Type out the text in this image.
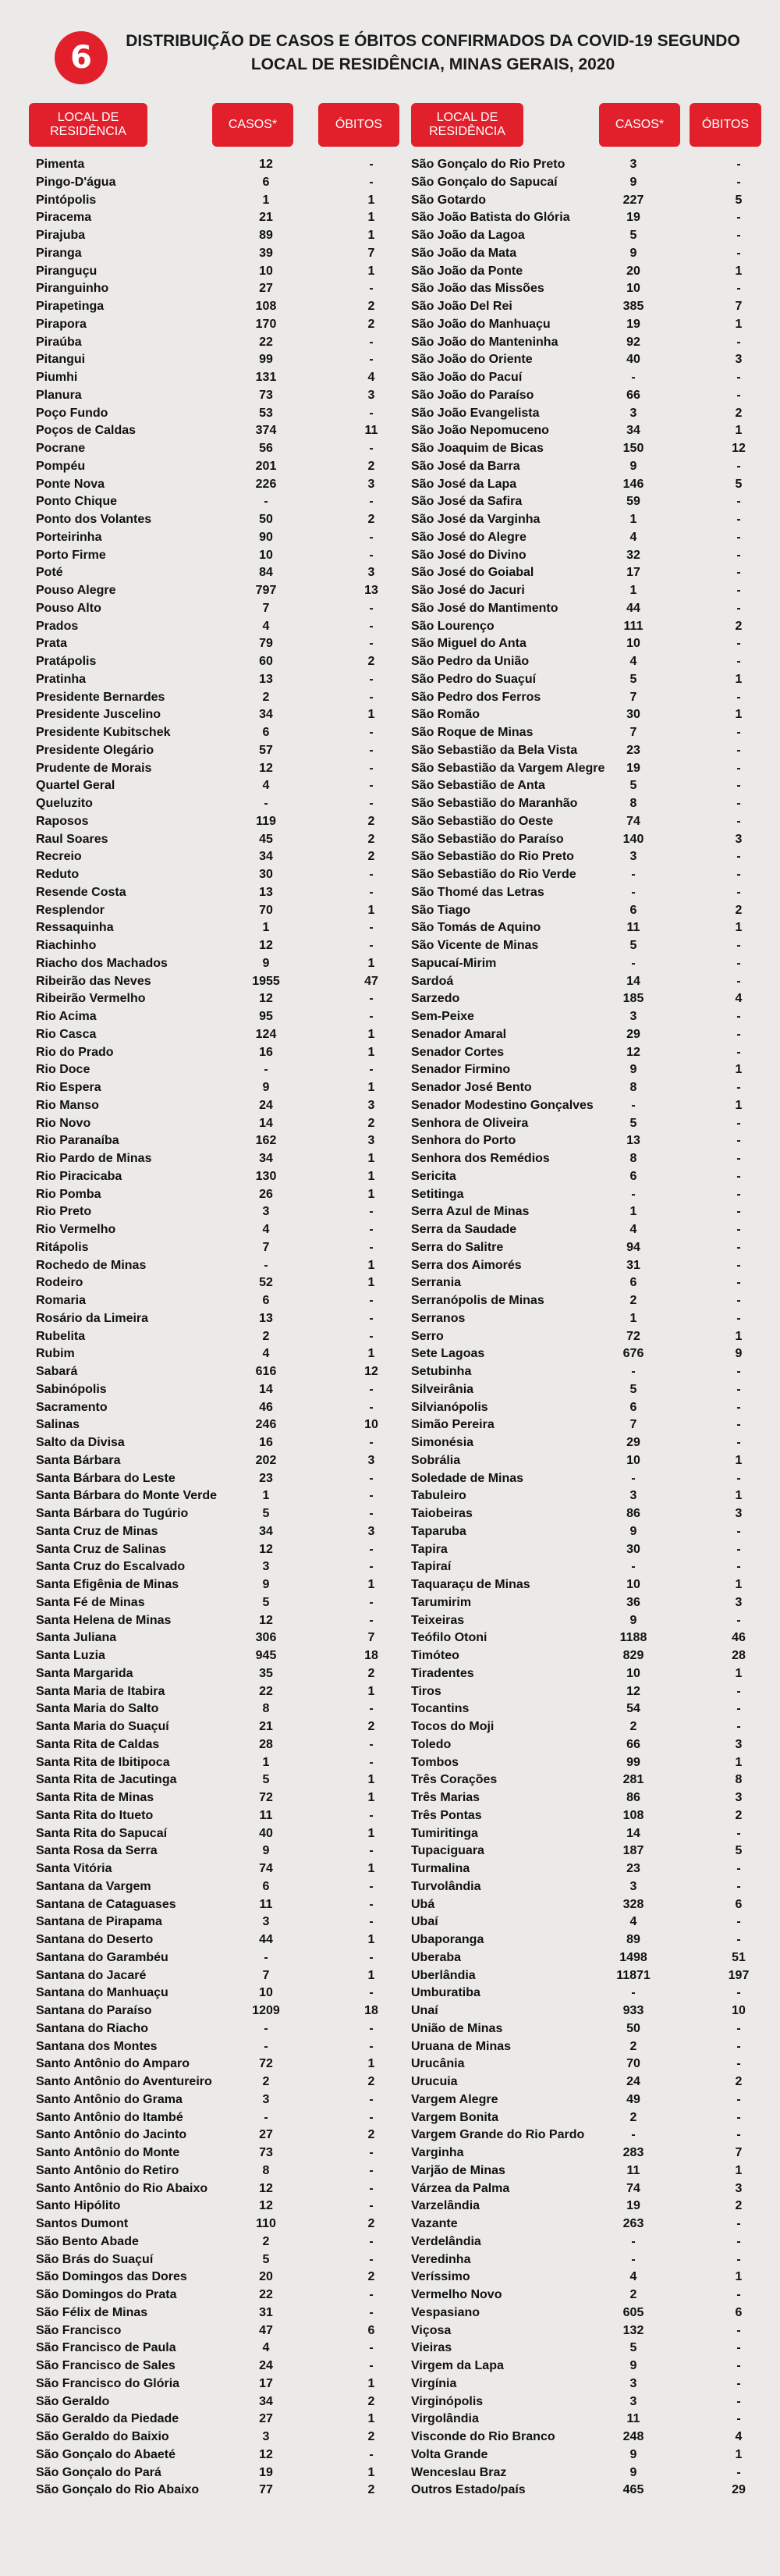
6	DISTRIBUIÇÃO DE CASOS E ÓBITOS CONFIRMADOS DA COVID-19 SEGUNDO LOCAL DE RESIDÊNCIA, MINAS GERAIS, 2020
LOCAL DE RESIDÊNCIA
CASOS*	ÓBITOS
LOCAL DE RESIDÊNCIA
CASOS*	ÓBITOS
Pimenta	12	-
Pingo-D'água	6	-
Pintópolis	1	1
Piracema	21	1
Pirajuba	89	1
Piranga	39	7
Piranguçu	10	1
Piranguinho	27	-
Pirapetinga	108	2
Pirapora	170	2
Piraúba	22	-
Pitangui	99	-
Piumhi	131	4
Planura	73	3
Poço Fundo	53	-
Poços de Caldas	374	11
Pocrane	56	-
Pompéu	201	2
Ponte Nova	226	3
Ponto Chique	-	-
Ponto dos Volantes	50	2
Porteirinha	90	-
Porto Firme	10	-
Poté	84	3
Pouso Alegre	797	13
Pouso Alto	7	-
Prados	4	-
Prata	79	-
Pratápolis	60	2
Pratinha	13	-
Presidente Bernardes	2	-
Presidente Juscelino	34	1
Presidente Kubitschek	6	-
Presidente Olegário	57	-
Prudente de Morais	12	-
Quartel Geral	4	-
Queluzito	-	-
Raposos	119	2
Raul Soares	45	2
Recreio	34	2
Reduto	30	-
Resende Costa	13	-
Resplendor	70	1
Ressaquinha	1	-
Riachinho	12	-
Riacho dos Machados	9	1
Ribeirão das Neves	1955	47
Ribeirão Vermelho	12	-
Rio Acima	95	-
Rio Casca	124	1
Rio do Prado	16	1
Rio Doce	-	-
Rio Espera	9	1
Rio Manso	24	3
Rio Novo	14	2
Rio Paranaíba	162	3
Rio Pardo de Minas	34	1
Rio Piracicaba	130	1
Rio Pomba	26	1
Rio Preto	3	-
Rio Vermelho	4	-
Ritápolis	7	-
Rochedo de Minas	-	1
Rodeiro	52	1
Romaria	6	-
Rosário da Limeira	13	-
Rubelita	2	-
Rubim	4	1
Sabará	616	12
Sabinópolis	14	-
Sacramento	46	-
Salinas	246	10
Salto da Divisa	16	-
Santa Bárbara	202	3
Santa Bárbara do Leste	23	-
Santa Bárbara do Monte Verde	1	-
Santa Bárbara do Tugúrio	5	-
Santa Cruz de Minas	34	3
Santa Cruz de Salinas	12	-
Santa Cruz do Escalvado	3	-
Santa Efigênia de Minas	9	1
Santa Fé de Minas	5	-
Santa Helena de Minas	12	-
Santa Juliana	306	7
Santa Luzia	945	18
Santa Margarida	35	2
Santa Maria de Itabira	22	1
Santa Maria do Salto	8	-
Santa Maria do Suaçuí	21	2
Santa Rita de Caldas	28	-
Santa Rita de Ibitipoca	1	-
Santa Rita de Jacutinga	5	1
Santa Rita de Minas	72	1
Santa Rita do Itueto	11	-
Santa Rita do Sapucaí	40	1
Santa Rosa da Serra	9	-
Santa Vitória	74	1
Santana da Vargem	6	-
Santana de Cataguases	11	-
Santana de Pirapama	3	-
Santana do Deserto	44	1
Santana do Garambéu	-	-
Santana do Jacaré	7	1
Santana do Manhuaçu	10	-
Santana do Paraíso	1209	18
Santana do Riacho	-	-
Santana dos Montes	-	-
Santo Antônio do Amparo	72	1
Santo Antônio do Aventureiro	2	2
Santo Antônio do Grama	3	-
Santo Antônio do Itambé	-	-
Santo Antônio do Jacinto	27	2
Santo Antônio do Monte	73	-
Santo Antônio do Retiro	8	-
Santo Antônio do Rio Abaixo	12	-
Santo Hipólito	12	-
Santos Dumont	110	2
São Bento Abade	2	-
São Brás do Suaçuí	5	-
São Domingos das Dores	20	2
São Domingos do Prata	22	-
São Félix de Minas	31	-
São Francisco	47	6
São Francisco de Paula	4	-
São Francisco de Sales	24	-
São Francisco do Glória	17	1
São Geraldo	34	2
São Geraldo da Piedade	27	1
São Geraldo do Baixio	3	2
São Gonçalo do Abaeté	12	-
São Gonçalo do Pará	19	1
São Gonçalo do Rio Abaixo	77	2
São Gonçalo do Rio Preto	3	-
São Gonçalo do Sapucaí	9	-
São Gotardo	227	5
São João Batista do Glória	19	-
São João da Lagoa	5	-
São João da Mata	9	-
São João da Ponte	20	1
São João das Missões	10	-
São João Del Rei	385	7
São João do Manhuaçu	19	1
São João do Manteninha	92	-
São João do Oriente	40	3
São João do Pacuí	-	-
São João do Paraíso	66	-
São João Evangelista	3	2
São João Nepomuceno	34	1
São Joaquim de Bicas	150	12
São José da Barra	9	-
São José da Lapa	146	5
São José da Safira	59	-
São José da Varginha	1	-
São José do Alegre	4	-
São José do Divino	32	-
São José do Goiabal	17	-
São José do Jacuri	1	-
São José do Mantimento	44	-
São Lourenço	111	2
São Miguel do Anta	10	-
São Pedro da União	4	-
São Pedro do Suaçuí	5	1
São Pedro dos Ferros	7	-
São Romão	30	1
São Roque de Minas	7	-
São Sebastião da Bela Vista	23	-
São Sebastião da Vargem Alegre	19	-
São Sebastião de Anta	5	-
São Sebastião do Maranhão	8	-
São Sebastião do Oeste	74	-
São Sebastião do Paraíso	140	3
São Sebastião do Rio Preto	3	-
São Sebastião do Rio Verde	-	-
São Thomé das Letras	-	-
São Tiago	6	2
São Tomás de Aquino	11	1
São Vicente de Minas	5	-
Sapucaí-Mirim	-	-
Sardoá	14	-
Sarzedo	185	4
Sem-Peixe	3	-
Senador Amaral	29	-
Senador Cortes	12	-
Senador Firmino	9	1
Senador José Bento	8	-
Senador Modestino Gonçalves	-	1
Senhora de Oliveira	5	-
Senhora do Porto	13	-
Senhora dos Remédios	8	-
Sericita	6	-
Setitinga	-	-
Serra Azul de Minas	1	-
Serra da Saudade	4	-
Serra do Salitre	94	-
Serra dos Aimorés	31	-
Serrania	6	-
Serranópolis de Minas	2	-
Serranos	1	-
Serro	72	1
Sete Lagoas	676	9
Setubinha	-	-
Silveirânia	5	-
Silvianópolis	6	-
Simão Pereira	7	-
Simonésia	29	-
Sobrália	10	1
Soledade de Minas	-	-
Tabuleiro	3	1
Taiobeiras	86	3
Taparuba	9	-
Tapira	30	-
Tapiraí	-	-
Taquaraçu de Minas	10	1
Tarumirim	36	3
Teixeiras	9	-
Teófilo Otoni	1188	46
Timóteo	829	28
Tiradentes	10	1
Tiros	12	-
Tocantins	54	-
Tocos do Moji	2	-
Toledo	66	3
Tombos	99	1
Três Corações	281	8
Três Marias	86	3
Três Pontas	108	2
Tumiritinga	14	-
Tupaciguara	187	5
Turmalina	23	-
Turvolândia	3	-
Ubá	328	6
Ubaí	4	-
Ubaporanga	89	-
Uberaba	1498	51
Uberlândia	11871	197
Umburatiba	-	-
Unaí	933	10
União de Minas	50	-
Uruana de Minas	2	-
Urucânia	70	-
Urucuia	24	2
Vargem Alegre	49	-
Vargem Bonita	2	-
Vargem Grande do Rio Pardo	-	-
Varginha	283	7
Varjão de Minas	11	1
Várzea da Palma	74	3
Varzelândia	19	2
Vazante	263	-
Verdelândia	-	-
Veredinha	-	-
Veríssimo	4	1
Vermelho Novo	2	-
Vespasiano	605	6
Viçosa	132	-
Vieiras	5	-
Virgem da Lapa	9	-
Virgínia	3	-
Virginópolis	3	-
Virgolândia	11	-
Visconde do Rio Branco	248	4
Volta Grande	9	1
Wenceslau Braz	9	-
Outros Estado/país	465	29
